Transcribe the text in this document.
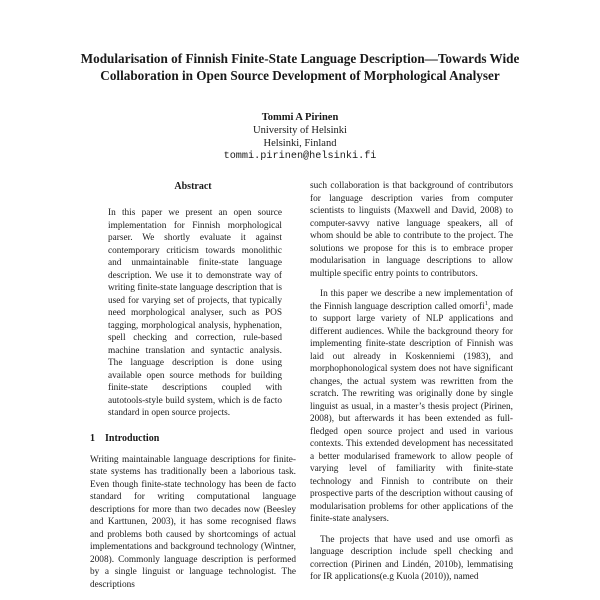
Modularisation of Finnish Finite-State Language Description—Towards Wide Collaboration in Open Source Development of Morphological Analyser
Tommi A Pirinen
University of Helsinki
Helsinki, Finland
tommi.pirinen@helsinki.fi
Abstract

In this paper we present an open source implementation for Finnish morphological parser. We shortly evaluate it against contemporary criticism towards monolithic and unmaintainable finite-state language description. We use it to demonstrate way of writing finite-state language description that is used for varying set of projects, that typically need morphological analyser, such as POS tagging, morphological analysis, hyphenation, spell checking and correction, rule-based machine translation and syntactic analysis. The language description is done using available open source methods for building finite-state descriptions coupled with autotools-style build system, which is de facto standard in open source projects.

1 Introduction

Writing maintainable language descriptions for finite-state systems has traditionally been a laborious task. Even though finite-state technology has been de facto standard for writing computational language descriptions for more than two decades now (Beesley and Karttunen, 2003), it has some recognised flaws and problems both caused by shortcomings of actual implementations and background technology (Wintner, 2008). Commonly language description is performed by a single linguist or language technologist. The descriptions

such collaboration is that background of contributors for language description varies from computer scientists to linguists (Maxwell and David, 2008) to computer-savvy native language speakers, all of whom should be able to contribute to the project. The solutions we propose for this is to embrace proper modularisation in language descriptions to allow multiple specific entry points to contributors.

In this paper we describe a new implementation of the Finnish language description called omorfi$^1$, made to support large variety of NLP applications and different audiences. While the background theory for implementing finite-state description of Finnish was laid out already in Koskenniemi (1983), and morphophonological system does not have significant changes, the actual system was rewritten from the scratch. The rewriting was originally done by single linguist as usual, in a master’s thesis project (Pirinen, 2008), but afterwards it has been extended as full-fledged open source project and used in various contexts. This extended development has necessitated a better modularised framework to allow people of varying level of familiarity with finite-state technology and Finnish to contribute on their prospective parts of the description without causing of modularisation problems for other applications of the finite-state analysers.

The projects that have used and use omorfi as language description include spell checking and correction (Pirinen and Lindén, 2010b), lemmatising for IR applications(e.g Kuola (2010)), named
